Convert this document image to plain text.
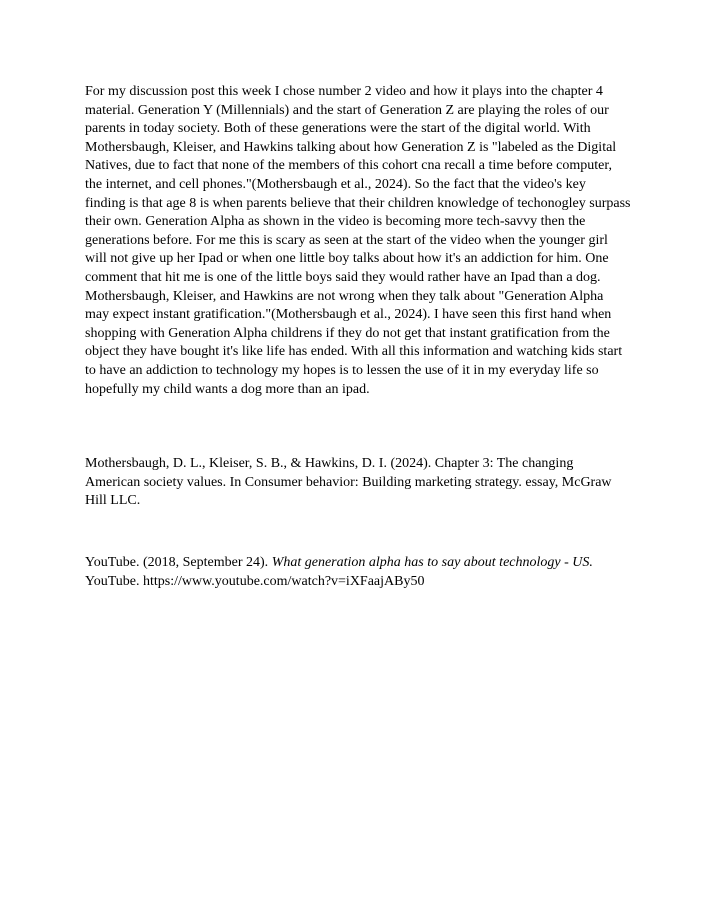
For my discussion post this week I chose number 2 video and how it plays into the chapter 4
material. Generation Y (Millennials) and the start of Generation Z are playing the roles of our
parents in today society. Both of these generations were the start of the digital world. With
Mothersbaugh, Kleiser, and Hawkins talking about how Generation Z is "labeled as the Digital
Natives, due to fact that none of the members of this cohort cna recall a time before computer,
the internet, and cell phones."(Mothersbaugh et al., 2024). So the fact that the video's key
finding is that age 8 is when parents believe that their children knowledge of techonogley surpass
their own. Generation Alpha as shown in the video is becoming more tech-savvy then the
generations before. For me this is scary as seen at the start of the video when the younger girl
will not give up her Ipad or when one little boy talks about how it's an addiction for him. One
comment that hit me is one of the little boys said they would rather have an Ipad than a dog.
Mothersbaugh, Kleiser, and Hawkins are not wrong when they talk about "Generation Alpha
may expect instant gratification."(Mothersbaugh et al., 2024). I have seen this first hand when
shopping with Generation Alpha childrens if they do not get that instant gratification from the
object they have bought it's like life has ended. With all this information and watching kids start
to have an addiction to technology my hopes is to lessen the use of it in my everyday life so
hopefully my child wants a dog more than an ipad.
Mothersbaugh, D. L., Kleiser, S. B., & Hawkins, D. I. (2024). Chapter 3: The changing
American society values. In Consumer behavior: Building marketing strategy. essay, McGraw
Hill LLC.
YouTube. (2018, September 24). What generation alpha has to say about technology - US.
YouTube. https://www.youtube.com/watch?v=iXFaajABy50
